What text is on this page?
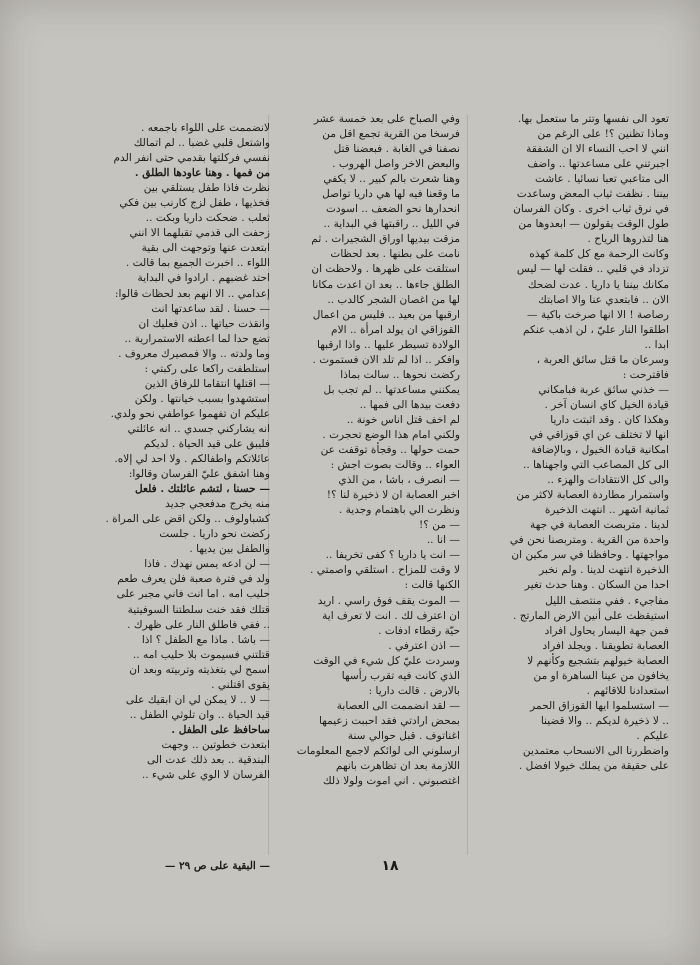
تعود الى نفسها وتتر ما ستعمل بها.

وماذا تظنين ؟! على الرغم من

انني لا احب النساء الا ان الشفقة

اجبرتني على مساعدتها .. واضف

الى متاعبي تعبا نسائيا . عاشت

بيننا . نظفت ثياب المعض وساعدت

في نرق ثياب اخرى . وكان الفرسان

طول الوقت يقولون — ابعدوها من

هنا لتذروها الرياح .

وكانت الرحمة مع كل كلمة كهذه

تزداد في قلبي .. فقلت لها — ليس

مكانك بيننا يا داريا . عدت لضحك

الان .. فابتعدي عنا والا اصابتك

رصاصة ! الا انها صرخت باكية —

اطلقوا النار عليّ ، لن اذهب عنكم

ابدا ..

وسرعان ما قتل سائق العربة ،

فاقترحت :

— خذني سائق عربة فبامكاني

قيادة الخيل كاي انسان آخر .

وهكذا كان . وقد اثبتت داريا

انها لا تختلف عن اي قوزاقي في

امكانية قيادة الخيول ، وبالإضافة

الى كل المصاعب التي واجهناها ..

والى كل الانتقادات والهزء ..

واستمرار مطاردة العصابة لاكثر من

ثمانية اشهر .. انتهت الذخيرة

لدينا . متربصت العصابة في جهة

واحدة من القرية . ومتربصنا نحن في

مواجهتها . وحافظنا في سر مكين ان

الذخيرة انتهت لدينا . ولم نخبر

احدا من السكان . وهنا حدث تغير

مفاجيء . ففي منتصف الليل

استيقظت على أنين الارض المارتج .

فمن جهة اليسار يحاول افراد

العصابة تطويقنا . ويجلد افراد

العصابة خيولهم بتشجيع وكأنهم لا

يخافون من عينا الساهرة او من

استعدادنا للاقائهم .

— استسلموا ايها القوزاق الحمر

.. لا ذخيرة لديكم .. والا قضينا

عليكم .

واضطررنا الى الانسحاب معتمدين

على حقيقة من يملك خيولا افضل .

وفي الصباح على بعد خمسة عشر

فرسخا من القرية تجمع اقل من

نصفنا في الغابة . فبعضنا قتل

والبعض الاخر واصل الهروب .

وهنا شعرت بالم كبير .. لا يكفي

ما وقعنا فيه لها هي داريا تواصل

انحدارها نحو الضعف .. اسودت

في الليل .. راقبتها في البداية ..

مزقت بيديها اوراق الشجيرات . ثم

نامت على بطنها . بعد لحظات

استلقت على ظهرها . ولاحظت ان

الطلق جاءها .. بعد ان اعدت مكانا

لها من اغصان الشجر كالدب ..

ارقبها من بعيد .. فليس من اعمال

القوزاقي ان يولد امرأة .. الام

الولادة تسيطر عليها .. واذا ارقبها

وافكر .. اذا لم تلد الان فستموت .

ركضت نحوها .. سالت بماذا

يمكنني مساعدتها .. لم تجب بل

دفعت بيدها الى فمها ..

لم اخف قتل اناس خونة ..

ولكني امام هذا الوضع تحجرت .

حمت حولها .. وفجأة توقفت عن

العواء .. وقالت بصوت اجش :

— انصرف ، باشا ، من الذي

اخبر العصابة ان لا ذخيرة لنا ؟!

ونظرت الي باهتمام وجدية .

— من ؟!

— انا ..

— انت يا داريا ؟ كفى تخريفا ..

لا وقت للمزاح . استلقي واصمتي .

الكنها قالت :

— الموت يقف فوق راسي . اريد

ان اعترف لك . انت لا تعرف اية

حيّة رقطاء ادفات .

— اذن اعترفي .

وسردت عليّ كل شيء في الوقت

الذي كانت فيه تقرب رأسها

بالارض . قالت داريا :

— لقد انضممت الى العصابة

بمحض ارادتي فقد احببت زعيمها

اغناتوف . قبل حوالي سنة

ارسلوني الى لوائكم لاجمع المعلومات

اللازمة بعد ان تظاهرت بانهم

اغتصبوني . اني اموت ولولا ذلك

لانضممت على اللواء باجمعه .

واشتعل قلبي غضبا .. لم اتمالك

نفسي فركلتها بقدمي حتى انفر الدم

من فمها . وهنا عاودها الطلق .

نظرت فاذا طفل يستلقي بين

فخذيها ، طفل لزج كارنب بين فكي

ثعلب . ضحكت داريا وبكت ..

زحفت الى قدمي تقبلهما الا انني

ابتعدت عنها وتوجهت الى بقية

اللواء .. اخبرت الجميع بما قالت .

احتد غضبهم . ارادوا في البداية

إعدامي .. الا انهم بعد لحظات قالوا:

— حسنا . لقد ساعدتها انت

وانقذت حياتها .. اذن فعليك ان

تضع حدا لما اعطته الاستمرارية ..

وما ولدته .. والا فمصيرك معروف .

استلطفت راكعا على ركبتي :

— اقتلها انتقاما للرفاق الذين

استشهدوا بسبب خيانتها . ولكن

عليكم ان تفهموا عواطفي نحو ولدي.

انه يشاركني جسدي .. انه عائلتي

فليبق على قيد الحياة . لديكم

عائلاتكم واطفالكم . ولا احد لي إلاه.

وهنا اشفق عليّ الفرسان وقالوا:

— حسنا ، لتشم عائلتك . فلعل

منه يخرج مدفعجي جديد

كشباولوف .. ولكن اقض على المراة .

ركضت نحو داريا . جلست

والطفل بين يديها .

— لن ادعه يمس نهدك . فاذا

ولد في فترة صعبة فلن يعرف طعم

حليب امه . اما انت فاني مجبر على

قتلك فقد خنت سلطتنا السوفيتية

.. ففي فاطلق النار على ظهرك .

— باشا . ماذا مع الطفل ؟ اذا

قتلتني فسيموت بلا حليب امه ..

اسمح لي بتغذيته وتربيته وبعد ان

يقوى اقتلني .

— لا .. لا يمكن لي ان ابقيك على

قيد الحياة .. وان تلوثي الطفل ..

ساحافظ على الطفل .

ابتعدت خطوتين .. وجهت

البندقية .. بعد ذلك عدت الى

الفرسان لا الوي على شيء ..

— البقية على ص ٢٩ —	١٨
